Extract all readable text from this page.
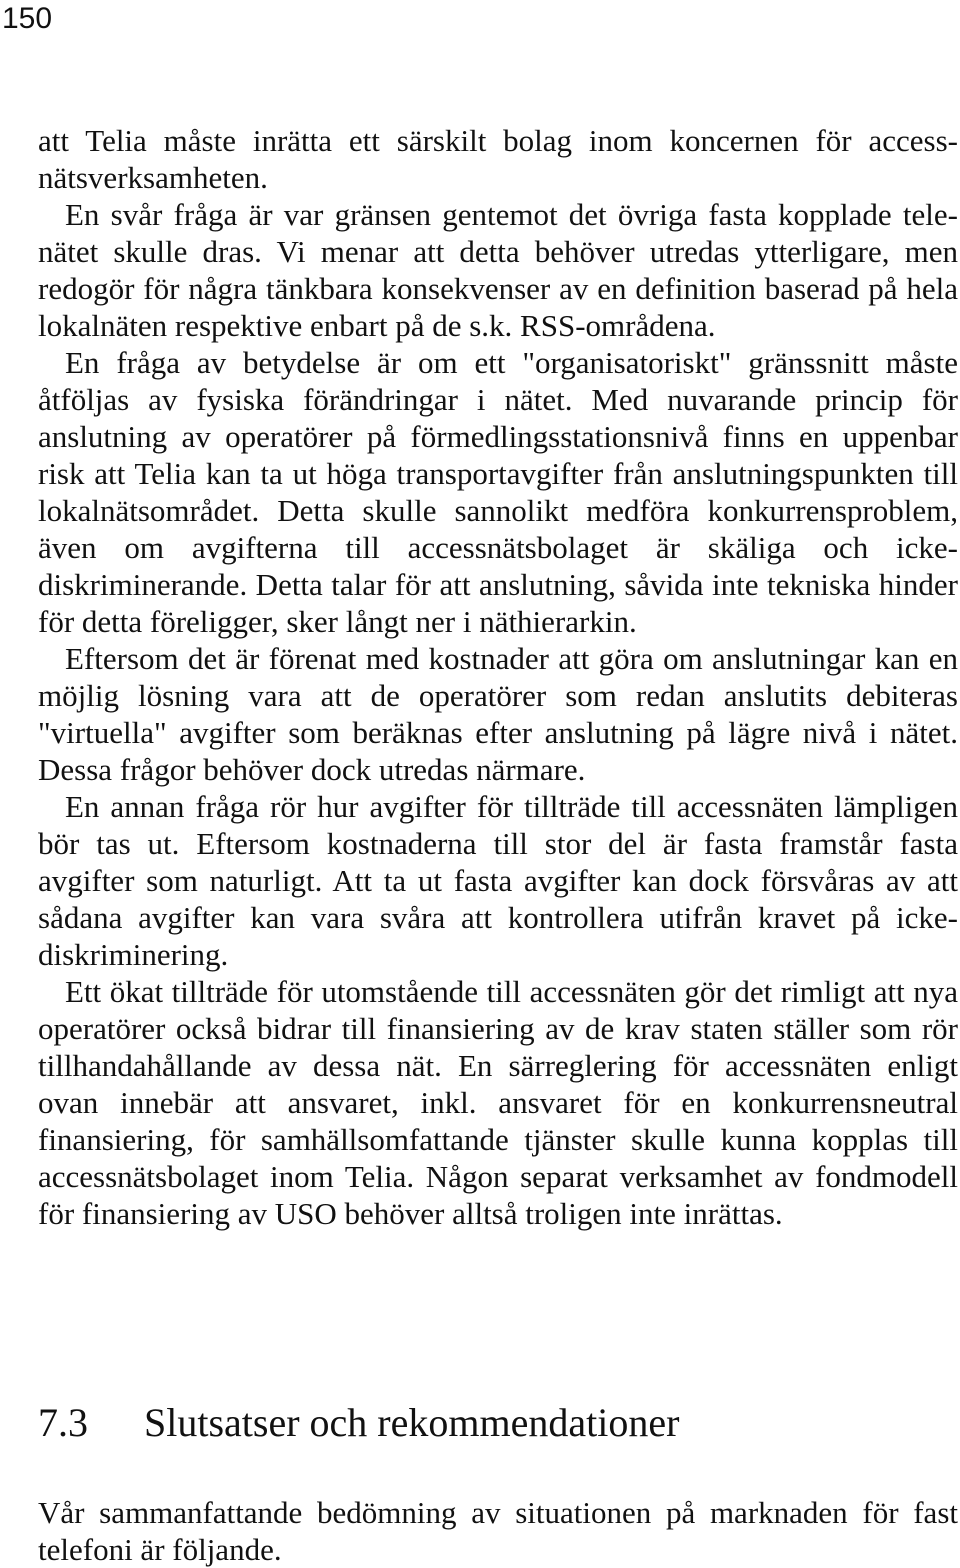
150

att Telia måste inrätta ett särskilt bolag inom koncernen för accessnätsverksamheten.

En svår fråga är var gränsen gentemot det övriga fasta kopplade telenätet skulle dras. Vi menar att detta behöver utredas ytterligare, men redogör för några tänkbara konsekvenser av en definition baserad på hela lokalnäten respektive enbart på de s.k. RSS-områdena.

En fråga av betydelse är om ett "organisatoriskt" gränssnitt måste åtföljas av fysiska förändringar i nätet. Med nuvarande princip för anslutning av operatörer på förmedlingsstationsnivå finns en uppenbar risk att Telia kan ta ut höga transportavgifter från anslutningspunkten till lokalnätsområdet. Detta skulle sannolikt medföra konkurrensproblem, även om avgifterna till accessnätsbolaget är skäliga och ickediskriminerande. Detta talar för att anslutning, såvida inte tekniska hinder för detta föreligger, sker långt ner i näthierarkin.

Eftersom det är förenat med kostnader att göra om anslutningar kan en möjlig lösning vara att de operatörer som redan anslutits debiteras "virtuella" avgifter som beräknas efter anslutning på lägre nivå i nätet. Dessa frågor behöver dock utredas närmare.

En annan fråga rör hur avgifter för tillträde till accessnäten lämpligen bör tas ut. Eftersom kostnaderna till stor del är fasta framstår fasta avgifter som naturligt. Att ta ut fasta avgifter kan dock försvåras av att sådana avgifter kan vara svåra att kontrollera utifrån kravet på icke-diskriminering.

Ett ökat tillträde för utomstående till accessnäten gör det rimligt att nya operatörer också bidrar till finansiering av de krav staten ställer som rör tillhandahållande av dessa nät. En särreglering för accessnäten enligt ovan innebär att ansvaret, inkl. ansvaret för en konkurrensneutral finansiering, för samhällsomfattande tjänster skulle kunna kopplas till accessnätsbolaget inom Telia. Någon separat verksamhet av fondmodell för finansiering av USO behöver alltså troligen inte inrättas.

7.3 Slutsatser och rekommendationer

Vår sammanfattande bedömning av situationen på marknaden för fast telefoni är följande.
